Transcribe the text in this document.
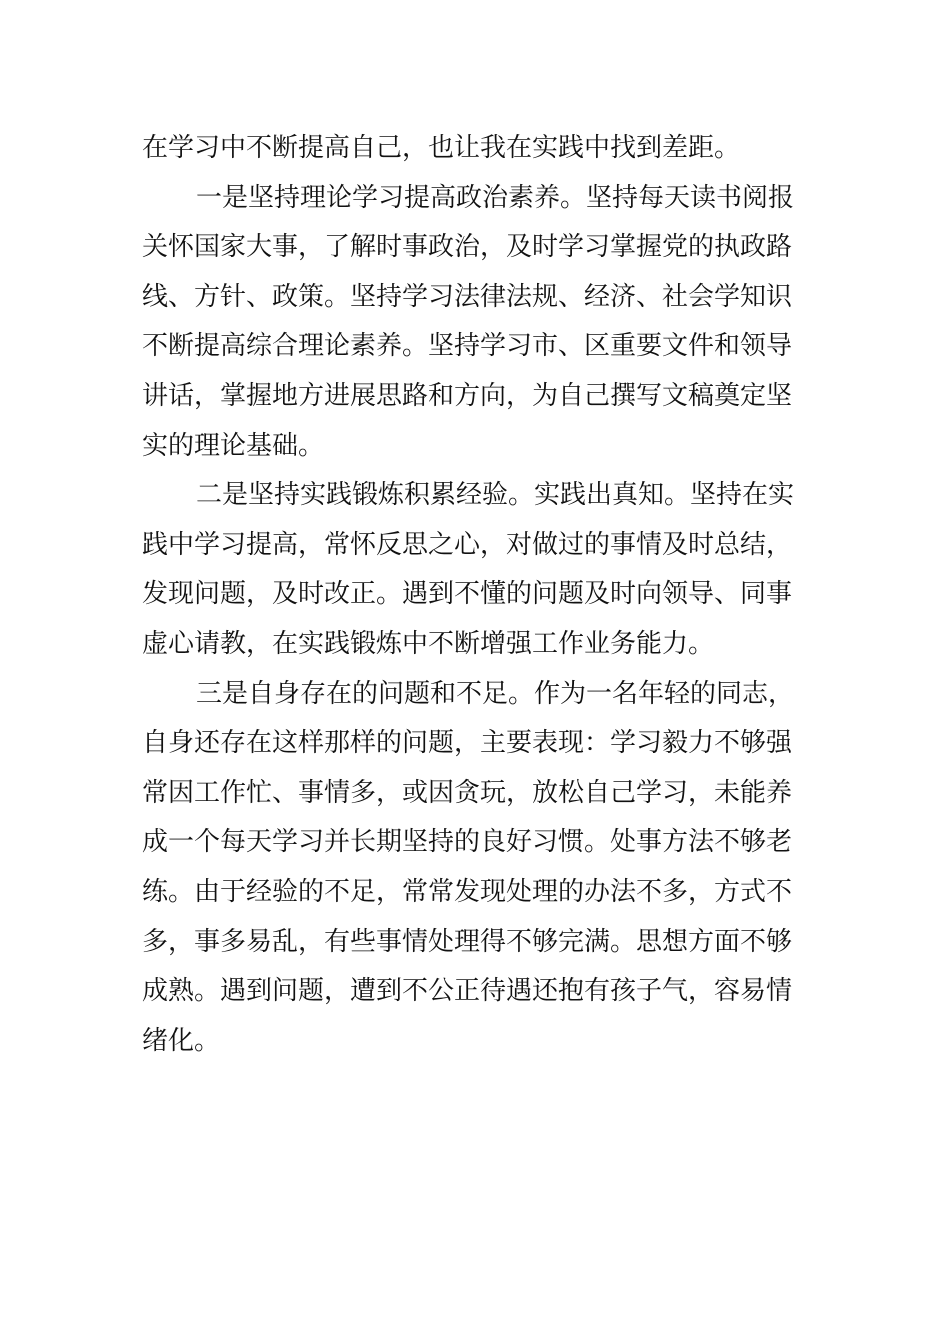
在学习中不断提高自己，也让我在实践中找到差距。
一是坚持理论学习提高政治素养。坚持每天读书阅报
关怀国家大事，了解时事政治，及时学习掌握党的执政路
线、方针、政策。坚持学习法律法规、经济、社会学知识
不断提高综合理论素养。坚持学习市、区重要文件和领导
讲话，掌握地方进展思路和方向，为自己撰写文稿奠定坚
实的理论基础。
二是坚持实践锻炼积累经验。实践出真知。坚持在实
践中学习提高，常怀反思之心，对做过的事情及时总结，
发现问题，及时改正。遇到不懂的问题及时向领导、同事
虚心请教，在实践锻炼中不断增强工作业务能力。
三是自身存在的问题和不足。作为一名年轻的同志，
自身还存在这样那样的问题，主要表现：学习毅力不够强
常因工作忙、事情多，或因贪玩，放松自己学习，未能养
成一个每天学习并长期坚持的良好习惯。处事方法不够老
练。由于经验的不足，常常发现处理的办法不多，方式不
多，事多易乱，有些事情处理得不够完满。思想方面不够
成熟。遇到问题，遭到不公正待遇还抱有孩子气，容易情
绪化。
